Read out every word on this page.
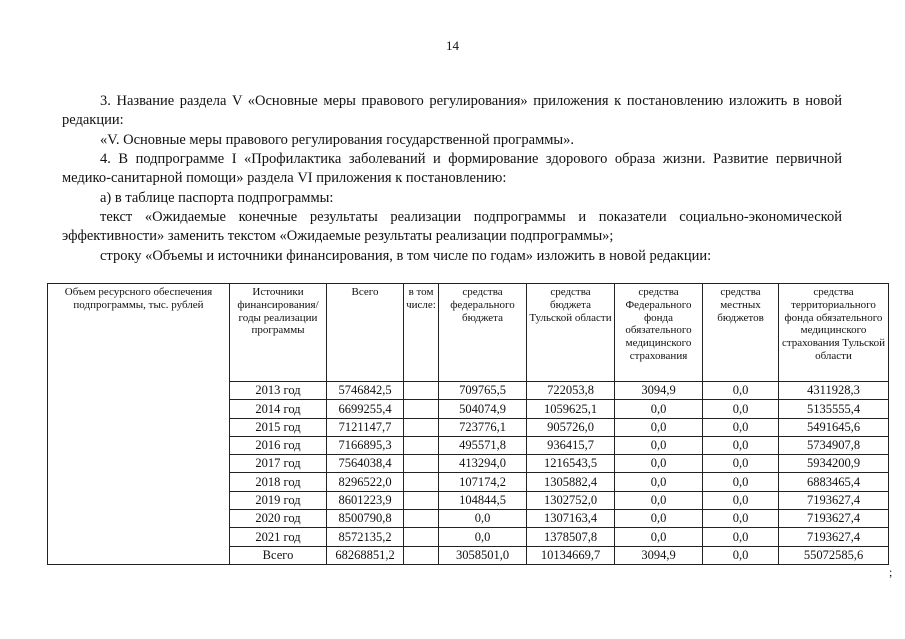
14

3. Название раздела V «Основные меры правового регулирования» приложения к постановлению изложить в новой редакции:

«V. Основные меры правового регулирования государственной программы».

4. В подпрограмме I «Профилактика заболеваний и формирование здорового образа жизни. Развитие первичной медико-санитарной помощи» раздела VI приложения к постановлению:

а) в таблице паспорта подпрограммы:

текст «Ожидаемые конечные результаты реализации подпрограммы и показатели социально-экономической эффективности» заменить текстом «Ожидаемые результаты реализации подпрограммы»;

строку «Объемы и источники финансирования, в том числе по годам» изложить в новой редакции:

Объем ресурсного обеспечения подпрограммы, тыс. рублей	Источники финансирования/ годы реализации программы	Всего	в том числе:	средства федерального бюджета	средства бюджета Тульской области	средства Федерального фонда обязательного медицинского страхования	средства местных бюджетов	средства территориального фонда обязательного медицинского страхования Тульской области
	2013 год	5746842,5		709765,5	722053,8	3094,9	0,0	4311928,3
	2014 год	6699255,4		504074,9	1059625,1	0,0	0,0	5135555,4
	2015 год	7121147,7		723776,1	905726,0	0,0	0,0	5491645,6
	2016 год	7166895,3		495571,8	936415,7	0,0	0,0	5734907,8
	2017 год	7564038,4		413294,0	1216543,5	0,0	0,0	5934200,9
	2018 год	8296522,0		107174,2	1305882,4	0,0	0,0	6883465,4
	2019 год	8601223,9		104844,5	1302752,0	0,0	0,0	7193627,4
	2020 год	8500790,8		0,0	1307163,4	0,0	0,0	7193627,4
	2021 год	8572135,2		0,0	1378507,8	0,0	0,0	7193627,4
	Всего	68268851,2		3058501,0	10134669,7	3094,9	0,0	55072585,6
;
